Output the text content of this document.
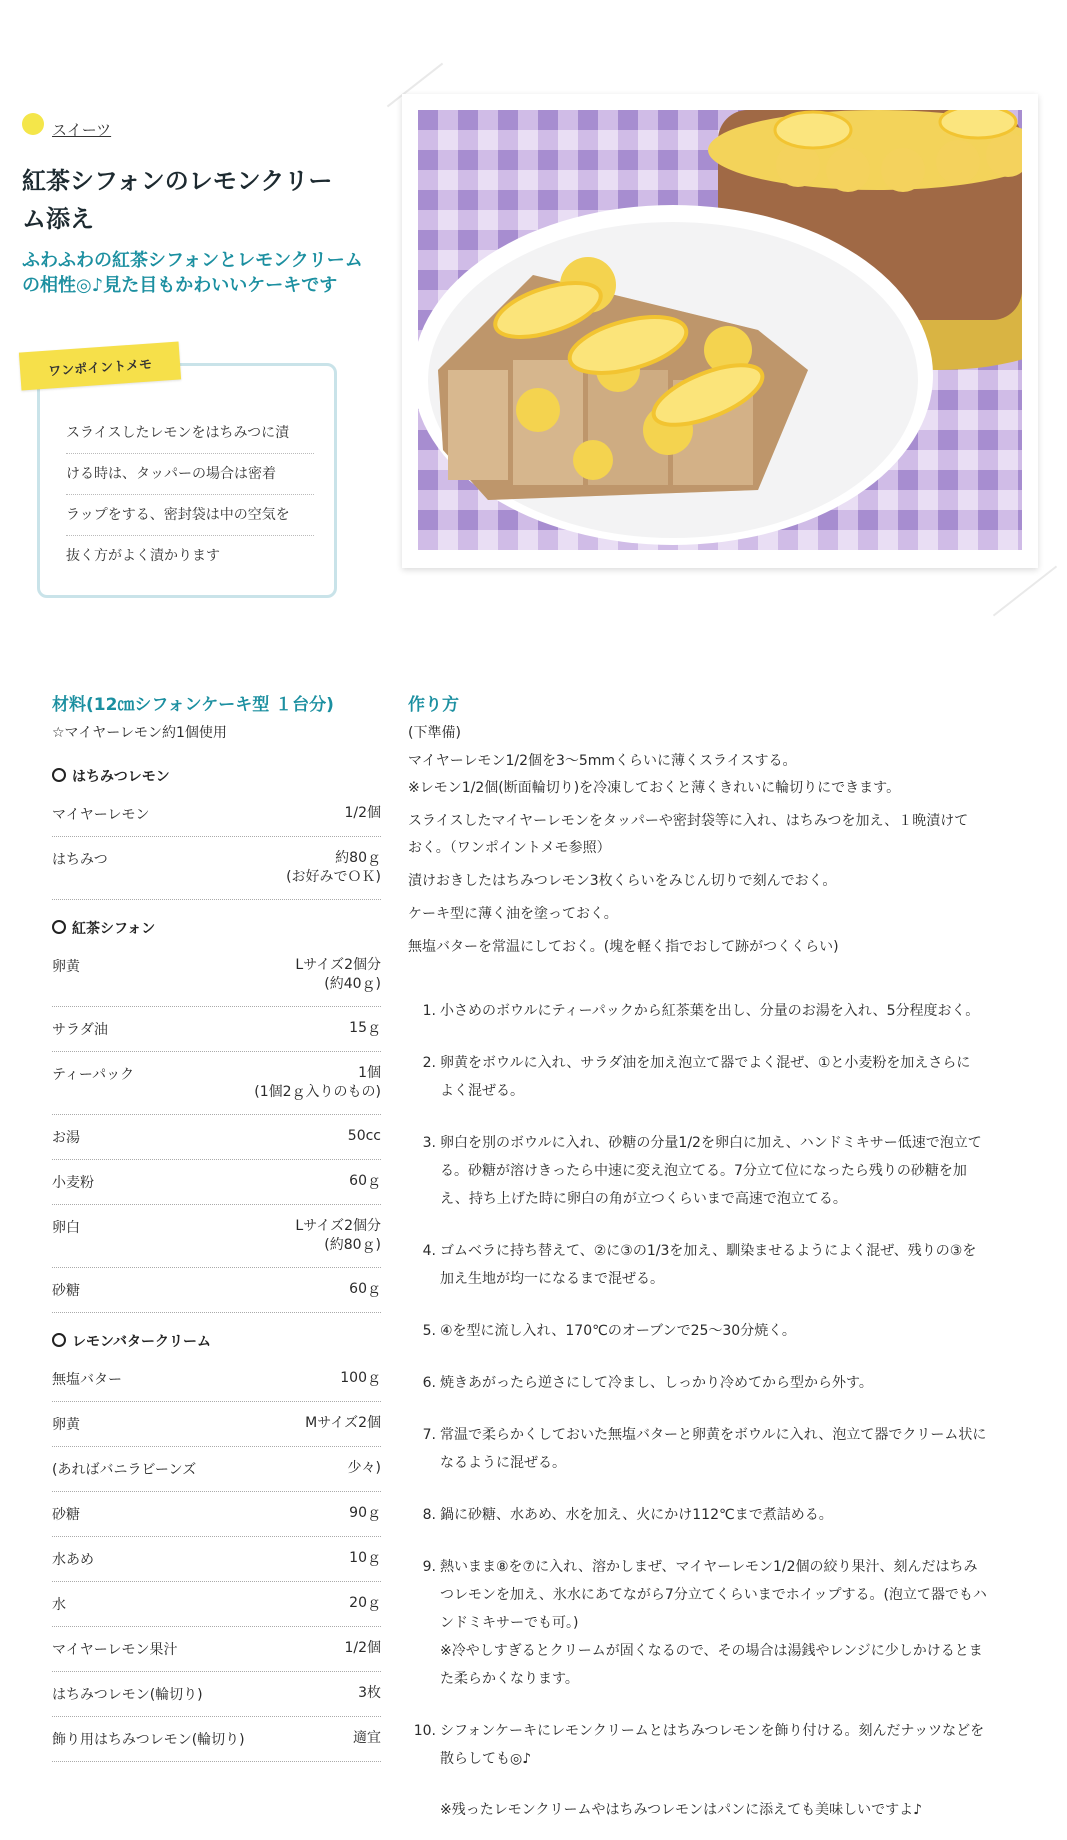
スイーツ
紅茶シフォンのレモンクリーム添え

ふわふわの紅茶シフォンとレモンクリームの相性◎♪見た目もかわいいケーキです

ワンポイントメモ
スライスしたレモンをはちみつに漬
ける時は、タッパーの場合は密着
ラップをする、密封袋は中の空気を
抜く方がよく漬かります
材料(12㎝シフォンケーキ型 １台分)
☆マイヤーレモン約1個使用
はちみつレモン
マイヤーレモン	1/2個
はちみつ	約80ｇ
(お好みでＯＫ)
紅茶シフォン
卵黄	Lサイズ2個分
(約40ｇ)
サラダ油	15ｇ
ティーパック	1個
(1個2ｇ入りのもの)
お湯	50cc
小麦粉	60ｇ
卵白	Lサイズ2個分
(約80ｇ)
砂糖	60ｇ
レモンバタークリーム
無塩バター	100ｇ
卵黄	Mサイズ2個
(あればバニラビーンズ	少々)
砂糖	90ｇ
水あめ	10ｇ
水	20ｇ
マイヤーレモン果汁	1/2個
はちみつレモン(輪切り)	3枚
飾り用はちみつレモン(輪切り)	適宜
作り方
(下準備)

マイヤーレモン1/2個を3〜5mmくらいに薄くスライスする。
※レモン1/2個(断面輪切り)を冷凍しておくと薄くきれいに輪切りにできます。

スライスしたマイヤーレモンをタッパーや密封袋等に入れ、はちみつを加え、１晩漬けて
おく。（ワンポイントメモ参照）

漬けおきしたはちみつレモン3枚くらいをみじん切りで刻んでおく。

ケーキ型に薄く油を塗っておく。

無塩バターを常温にしておく。(塊を軽く指でおして跡がつくくらい)

1. 小さめのボウルにティーパックから紅茶葉を出し、分量のお湯を入れ、5分程度おく。
2. 卵黄をボウルに入れ、サラダ油を加え泡立て器でよく混ぜ、①と小麦粉を加えさらに
よく混ぜる。
3. 卵白を別のボウルに入れ、砂糖の分量1/2を卵白に加え、ハンドミキサー低速で泡立て
る。砂糖が溶けきったら中速に変え泡立てる。7分立て位になったら残りの砂糖を加
え、持ち上げた時に卵白の角が立つくらいまで高速で泡立てる。
4. ゴムベラに持ち替えて、②に③の1/3を加え、馴染ませるようによく混ぜ、残りの③を
加え生地が均一になるまで混ぜる。
5. ④を型に流し入れ、170℃のオーブンで25〜30分焼く。
6. 焼きあがったら逆さにして冷まし、しっかり冷めてから型から外す。
7. 常温で柔らかくしておいた無塩バターと卵黄をボウルに入れ、泡立て器でクリーム状に
なるように混ぜる。
8. 鍋に砂糖、水あめ、水を加え、火にかけ112℃まで煮詰める。
9. 熱いまま⑧を⑦に入れ、溶かしまぜ、マイヤーレモン1/2個の絞り果汁、刻んだはちみ
つレモンを加え、氷水にあてながら7分立てくらいまでホイップする。(泡立て器でもハ
ンドミキサーでも可。)
※冷やしすぎるとクリームが固くなるので、その場合は湯銭やレンジに少しかけるとま
た柔らかくなります。
10. シフォンケーキにレモンクリームとはちみつレモンを飾り付ける。刻んだナッツなどを
散らしても◎♪
※残ったレモンクリームやはちみつレモンはパンに添えても美味しいですよ♪
